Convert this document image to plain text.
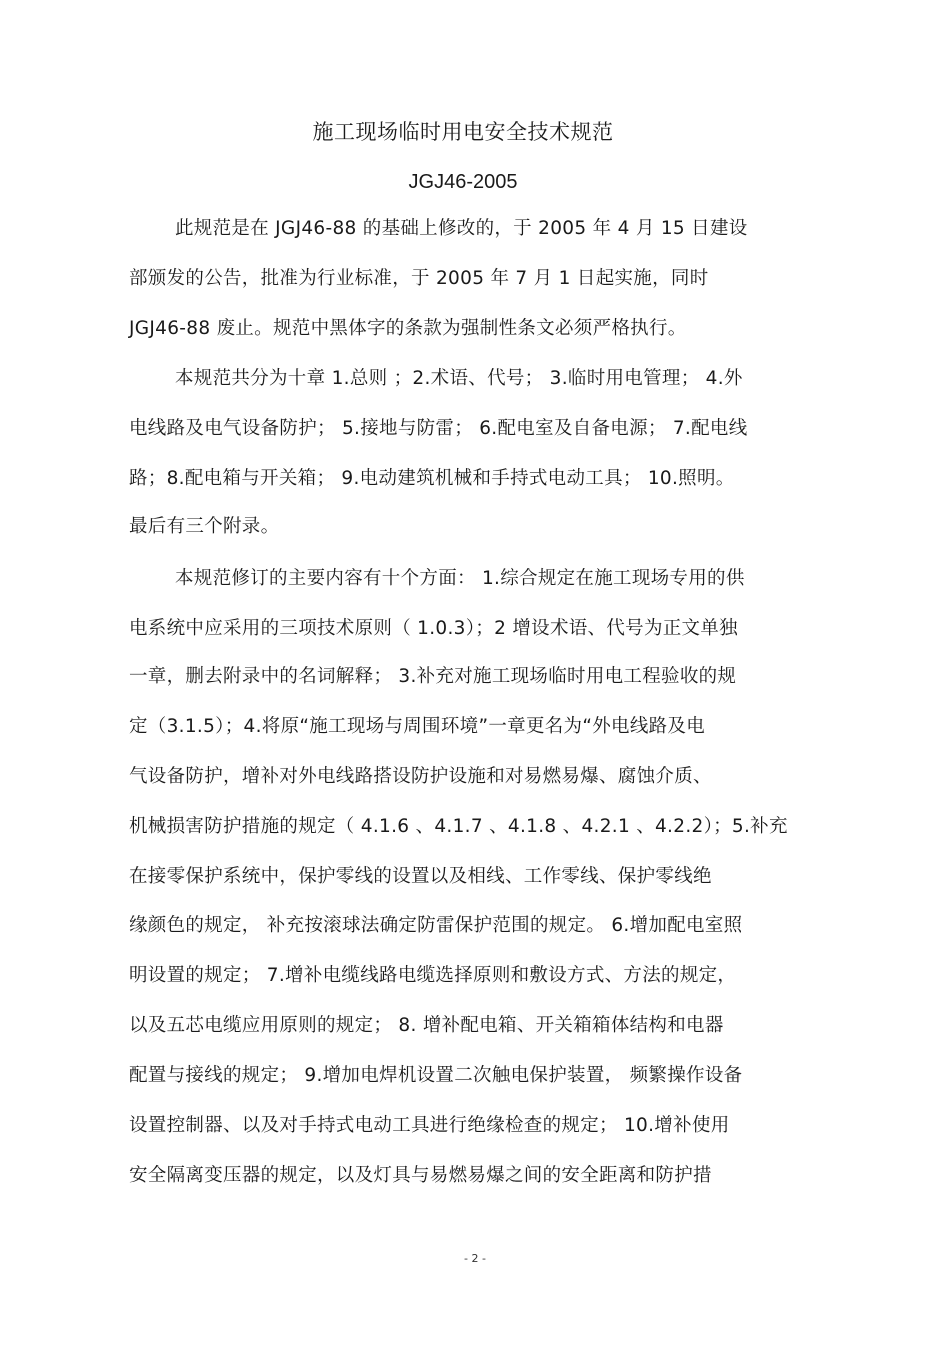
施工现场临时用电安全技术规范
JGJ46-2005
此规范是在 JGJ46-88 的基础上修改的，于 2005 年 4 月 15 日建设
部颁发的公告，批准为行业标准，于 2005 年 7 月 1 日起实施，同时
JGJ46-88 废止。规范中黑体字的条款为强制性条文必须严格执行。
本规范共分为十章 1.总则 ；2.术语、代号； 3.临时用电管理； 4.外
电线路及电气设备防护； 5.接地与防雷； 6.配电室及自备电源； 7.配电线
路；8.配电箱与开关箱； 9.电动建筑机械和手持式电动工具； 10.照明。
最后有三个附录。
本规范修订的主要内容有十个方面： 1.综合规定在施工现场专用的供
电系统中应采用的三项技术原则（ 1.0.3）；2 增设术语、代号为正文单独
一章，删去附录中的名词解释； 3.补充对施工现场临时用电工程验收的规
定（3.1.5）；4.将原“施工现场与周围环境”一章更名为“外电线路及电
气设备防护，增补对外电线路搭设防护设施和对易燃易爆、腐蚀介质、
机械损害防护措施的规定（ 4.1.6 、4.1.7 、4.1.8 、4.2.1 、4.2.2）；5.补充
在接零保护系统中，保护零线的设置以及相线、工作零线、保护零线绝
缘颜色的规定， 补充按滚球法确定防雷保护范围的规定。 6.增加配电室照
明设置的规定； 7.增补电缆线路电缆选择原则和敷设方式、方法的规定，
以及五芯电缆应用原则的规定； 8. 增补配电箱、开关箱箱体结构和电器
配置与接线的规定； 9.增加电焊机设置二次触电保护装置， 频繁操作设备
设置控制器、以及对手持式电动工具进行绝缘检查的规定； 10.增补使用
安全隔离变压器的规定，以及灯具与易燃易爆之间的安全距离和防护措
- 2 -
